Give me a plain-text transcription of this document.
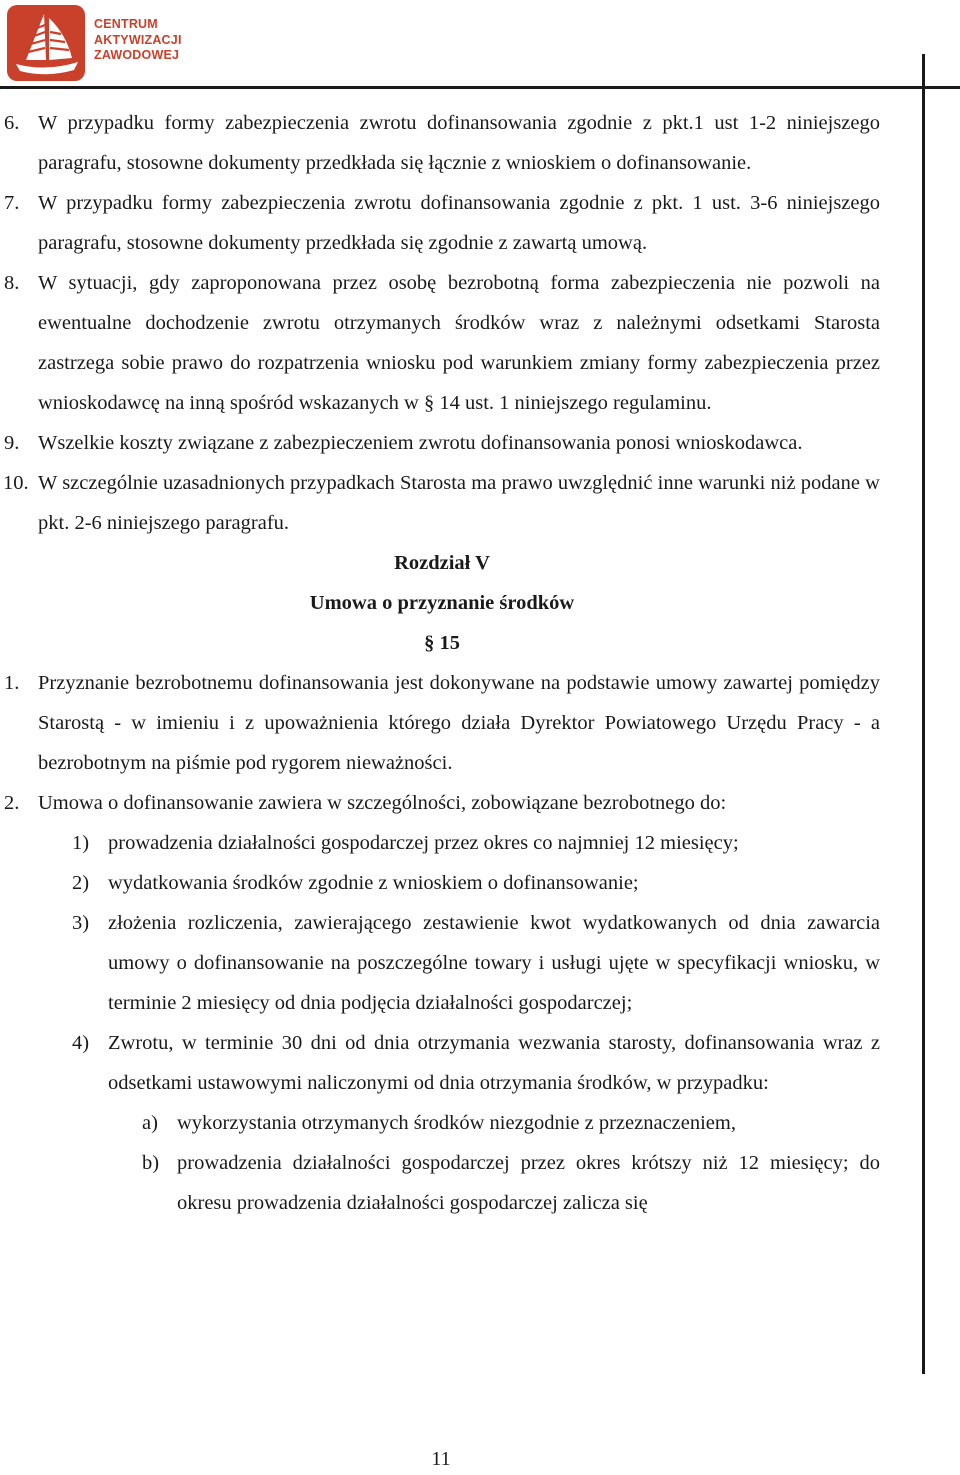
CENTRUM
AKTYWIZACJI
ZAWODOWEJ
6. W przypadku formy zabezpieczenia zwrotu dofinansowania zgodnie z pkt.1 ust 1-2 niniejszego paragrafu, stosowne dokumenty przedkłada się łącznie z wnioskiem o dofinansowanie.
7. W przypadku formy zabezpieczenia zwrotu dofinansowania zgodnie z pkt. 1 ust. 3-6 niniejszego paragrafu, stosowne dokumenty przedkłada się zgodnie z zawartą umową.
8. W sytuacji, gdy zaproponowana przez osobę bezrobotną forma zabezpieczenia nie pozwoli na ewentualne dochodzenie zwrotu otrzymanych środków wraz z należnymi odsetkami Starosta zastrzega sobie prawo do rozpatrzenia wniosku pod warunkiem zmiany formy zabezpieczenia przez wnioskodawcę na inną spośród wskazanych w § 14 ust. 1 niniejszego regulaminu.
9. Wszelkie koszty związane z zabezpieczeniem zwrotu dofinansowania ponosi wnioskodawca.
10. W szczególnie uzasadnionych przypadkach Starosta ma prawo uwzględnić inne warunki niż podane w pkt. 2-6 niniejszego paragrafu.
Rozdział V
Umowa o przyznanie środków
§ 15
1. Przyznanie bezrobotnemu dofinansowania jest dokonywane na podstawie umowy zawartej pomiędzy Starostą - w imieniu i z upoważnienia którego działa Dyrektor Powiatowego Urzędu Pracy - a bezrobotnym na piśmie pod rygorem nieważności.
2. Umowa o dofinansowanie zawiera w szczególności, zobowiązane bezrobotnego do:
1) prowadzenia działalności gospodarczej przez okres co najmniej 12 miesięcy;
2) wydatkowania środków zgodnie z wnioskiem o dofinansowanie;
3) złożenia rozliczenia, zawierającego zestawienie kwot wydatkowanych od dnia zawarcia umowy o dofinansowanie na poszczególne towary i usługi ujęte w specyfikacji wniosku, w terminie 2 miesięcy od dnia podjęcia działalności gospodarczej;
4) Zwrotu, w terminie 30 dni od dnia otrzymania wezwania starosty, dofinansowania wraz z odsetkami ustawowymi naliczonymi od dnia otrzymania środków, w przypadku:
a) wykorzystania otrzymanych środków niezgodnie z przeznaczeniem,
b) prowadzenia działalności gospodarczej przez okres krótszy niż 12 miesięcy; do okresu prowadzenia działalności gospodarczej zalicza się
11
